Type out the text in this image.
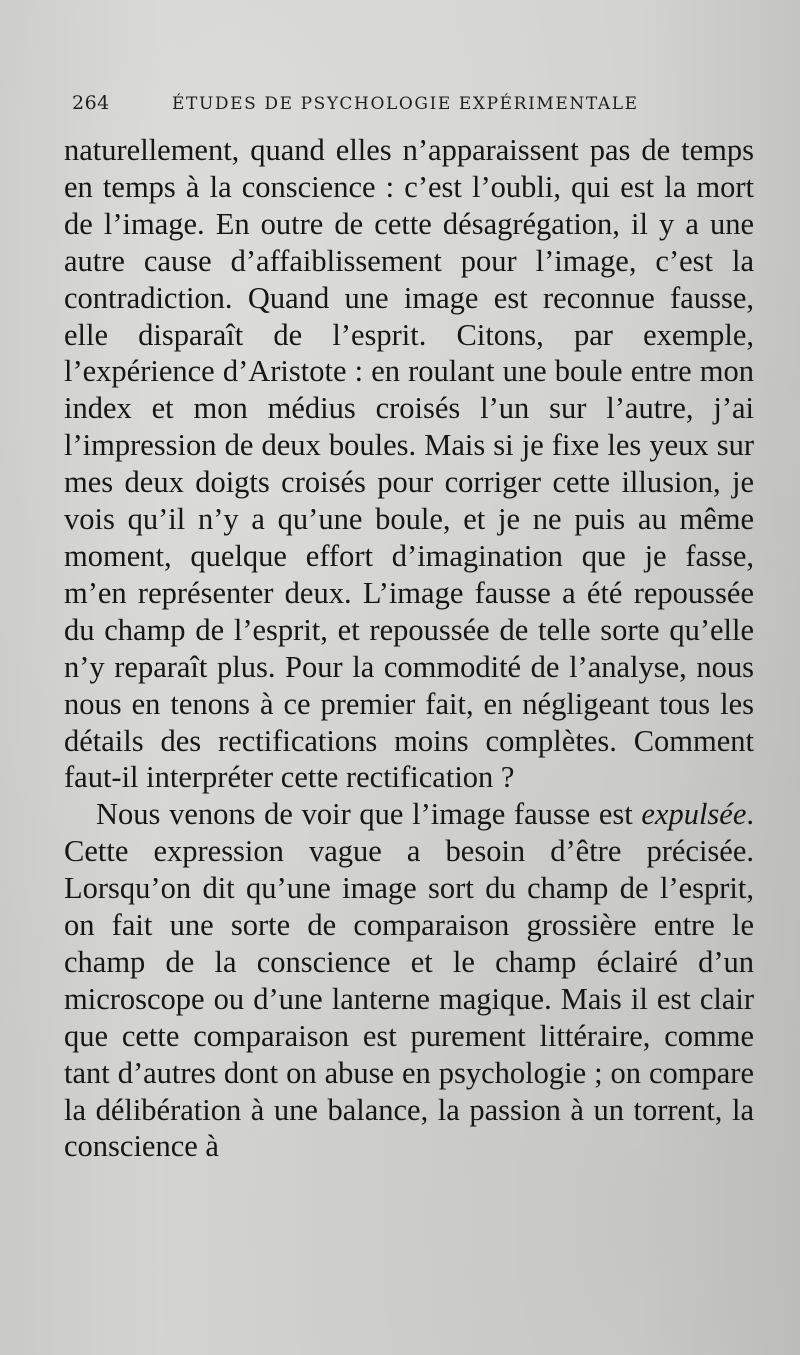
264	ÉTUDES DE PSYCHOLOGIE EXPÉRIMENTALE

naturellement, quand elles n’apparaissent pas de temps en temps à la conscience : c’est l’oubli, qui est la mort de l’image. En outre de cette désagrégation, il y a une autre cause d’affaiblissement pour l’image, c’est la contradiction. Quand une image est reconnue fausse, elle disparaît de l’esprit. Citons, par exemple, l’expérience d’Aristote : en roulant une boule entre mon index et mon médius croisés l’un sur l’autre, j’ai l’impression de deux boules. Mais si je fixe les yeux sur mes deux doigts croisés pour corriger cette illusion, je vois qu’il n’y a qu’une boule, et je ne puis au même moment, quelque effort d’imagination que je fasse, m’en représenter deux. L’image fausse a été repoussée du champ de l’esprit, et repoussée de telle sorte qu’elle n’y reparaît plus. Pour la commodité de l’analyse, nous nous en tenons à ce premier fait, en négligeant tous les détails des rectifications moins complètes. Comment faut-il interpréter cette rectification ?

Nous venons de voir que l’image fausse est expulsée. Cette expression vague a besoin d’être précisée. Lorsqu’on dit qu’une image sort du champ de l’esprit, on fait une sorte de comparaison grossière entre le champ de la conscience et le champ éclairé d’un microscope ou d’une lanterne magique. Mais il est clair que cette comparaison est purement littéraire, comme tant d’autres dont on abuse en psychologie ; on compare la délibération à une balance, la passion à un torrent, la conscience à
